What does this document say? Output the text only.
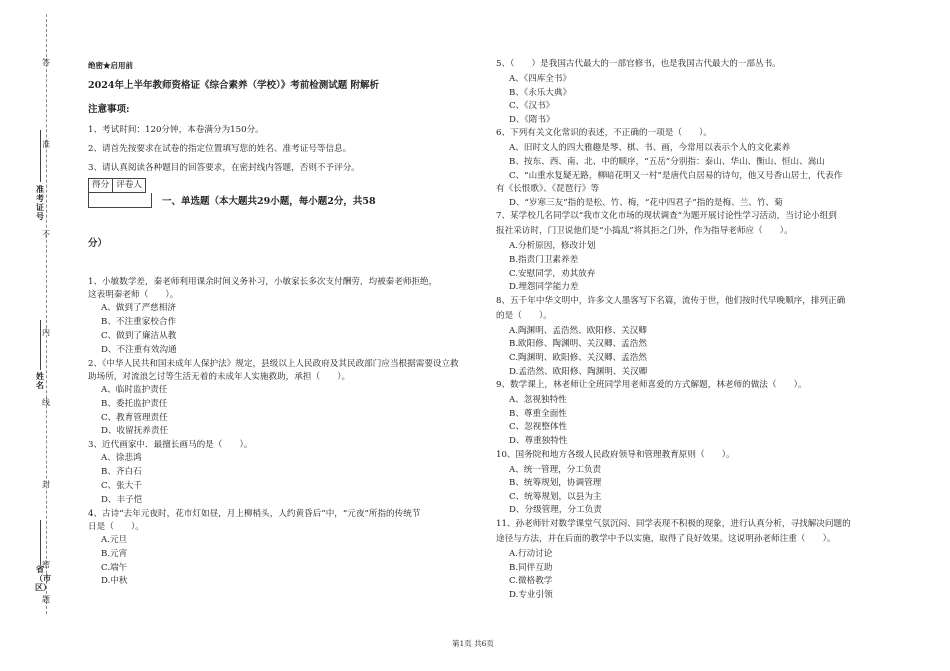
省（市区）
姓名
准考证号
密
封
线
内
不
准
答
题
绝密★启用前
2024年上半年教师资格证《综合素养（学校）》考前检测试题 附解析
注意事项:
1、考试时间：120分钟，本卷满分为150分。
2、请首先按要求在试卷的指定位置填写您的姓名、准考证号等信息。
3、请认真阅读各种题目的回答要求，在密封线内答题，否则不予评分。
得分 评卷人
一、单选题（本大题共29小题，每小题2分，共58
分）
1、小敏数学差，秦老师利用课余时间义务补习，小敏家长多次支付酬劳，均被秦老师拒绝，
这表明秦老师（　　）。
A、做到了严慈相济
B、不注重家校合作
C、做到了廉洁从教
D、不注重有效沟通
2、《中华人民共和国未成年人保护法》规定，县级以上人民政府及其民政部门应当根据需要设立救
助场所，对流浪乞讨等生活无着的未成年人实施救助，承担（　　）。
A、临时监护责任
B、委托监护责任
C、教育管理责任
D、收留抚养责任
3、近代画家中．最擅长画马的是（　　）。
A、徐悲鸿
B、齐白石
C、张大千
D、丰子恺
4、古诗“去年元夜时，花市灯如昼，月上柳梢头，人约黄昏后”中，“元夜”所指的传统节
日是（　　）。
A.元旦
B.元宵
C.端午
D.中秋
5、（　　）是我国古代最大的一部官修书，也是我国古代最大的一部丛书。
A、《四库全书》
B、《永乐大典》
C、《汉书》
D、《隋书》
6、下列有关文化常识的表述，不正确的一项是（　　）。
A、旧时文人的四大雅趣是琴、棋、书、画，今常用以表示个人的文化素养
B、按东、西、南、北、中的顺序，“五岳”分别指：泰山、华山、衡山、恒山、嵩山
C、“山重水复疑无路，柳暗花明又一村”是唐代白居易的诗句，他又号香山居士，代表作
有《长恨歌》、《琵琶行》等
D、“岁寒三友”指的是松、竹、梅，“花中四君子”指的是梅、兰、竹、菊
7、某学校几名同学以“我市文化市场的现状调查”为题开展讨论性学习活动，当讨论小组到
报社采访时，门卫说他们是“小捣乱”将其拒之门外，作为指导老师应（　　）。
A.分析原因，修改计划
B.指责门卫素养差
C.安慰同学，劝其放弃
D.埋怨同学能力差
8、五千年中华文明中，许多文人墨客写下名篇，流传于世，他们按时代早晚顺序，排列正确
的是（　　）。
A.陶渊明、孟浩然、欧阳修、关汉卿
B.欧阳修、陶渊明、关汉卿、孟浩然
C.陶渊明、欧阳修、关汉卿、孟浩然
D.孟浩然、欧阳修、陶渊明、关汉卿
9、数学课上，林老师让全班同学用老师喜爱的方式解题，林老师的做法（　　）。
A、忽视独特性
B、尊重全面性
C、忽视整体性
D、尊重独特性
10、国务院和地方各级人民政府领导和管理教育原则（　　）。
A、统一管理，分工负责
B、统筹规划，协调管理
C、统筹规划，以县为主
D、分级管理，分工负责
11、孙老师针对数学课堂气氛沉闷、同学表现不积极的现象，进行认真分析，寻找解决问题的
途径与方法，并在后面的教学中予以实施，取得了良好效果。这说明孙老师注重（　　）。
A.行动讨论
B.同伴互助
C.微格教学
D.专业引领
第1页 共6页
